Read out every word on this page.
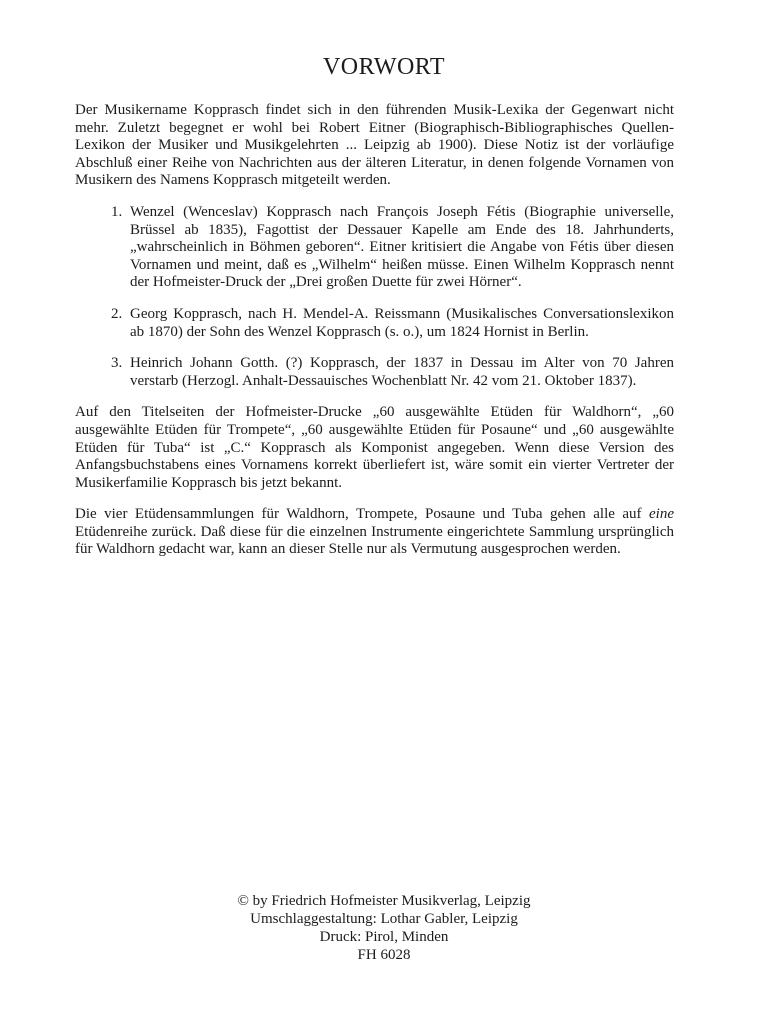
VORWORT

Der Musikername Kopprasch findet sich in den führenden Musik-Lexika der Gegenwart nicht mehr. Zuletzt begegnet er wohl bei Robert Eitner (Biographisch-Bibliographisches Quellen-Lexikon der Musiker und Musikgelehrten ... Leipzig ab 1900). Diese Notiz ist der vorläufige Abschluß einer Reihe von Nachrichten aus der älteren Literatur, in denen folgende Vornamen von Musikern des Namens Kopprasch mitgeteilt werden.

1. Wenzel (Wenceslav) Kopprasch nach François Joseph Fétis (Biographie universelle, Brüssel ab 1835), Fagottist der Dessauer Kapelle am Ende des 18. Jahrhunderts, „wahrscheinlich in Böhmen geboren“. Eitner kritisiert die Angabe von Fétis über diesen Vornamen und meint, daß es „Wilhelm“ heißen müsse. Einen Wilhelm Kopprasch nennt der Hofmeister-Druck der „Drei großen Duette für zwei Hörner“.
2. Georg Kopprasch, nach H. Mendel-A. Reissmann (Musikalisches Conversationslexikon ab 1870) der Sohn des Wenzel Kopprasch (s. o.), um 1824 Hornist in Berlin.
3. Heinrich Johann Gotth. (?) Kopprasch, der 1837 in Dessau im Alter von 70 Jahren verstarb (Herzogl. Anhalt-Dessauisches Wochenblatt Nr. 42 vom 21. Oktober 1837).

Auf den Titelseiten der Hofmeister-Drucke „60 ausgewählte Etüden für Waldhorn“, „60 ausgewählte Etüden für Trompete“, „60 ausgewählte Etüden für Posaune“ und „60 ausgewählte Etüden für Tuba“ ist „C.“ Kopprasch als Komponist angegeben. Wenn diese Version des Anfangsbuchstabens eines Vornamens korrekt überliefert ist, wäre somit ein vierter Vertreter der Musikerfamilie Kopprasch bis jetzt bekannt.

Die vier Etüdensammlungen für Waldhorn, Trompete, Posaune und Tuba gehen alle auf eine Etüdenreihe zurück. Daß diese für die einzelnen Instrumente eingerichtete Sammlung ursprünglich für Waldhorn gedacht war, kann an dieser Stelle nur als Vermutung ausgesprochen werden.

© by Friedrich Hofmeister Musikverlag, Leipzig
Umschlaggestaltung: Lothar Gabler, Leipzig
Druck: Pirol, Minden
FH 6028
